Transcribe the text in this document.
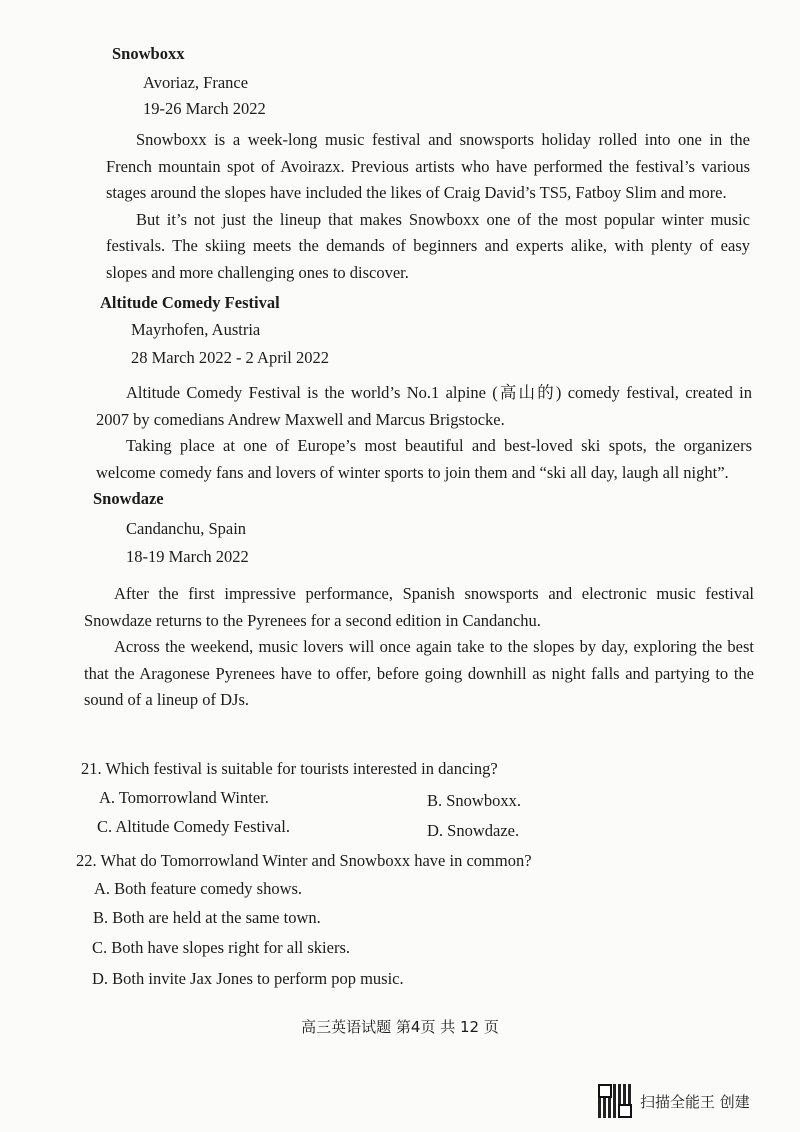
Snowboxx
Avoriaz, France
19-26 March 2022

Snowboxx is a week-long music festival and snowsports holiday rolled into one in the French mountain spot of Avoirazx. Previous artists who have performed the festival’s various stages around the slopes have included the likes of Craig David’s TS5, Fatboy Slim and more.

But it’s not just the lineup that makes Snowboxx one of the most popular winter music festivals. The skiing meets the demands of beginners and experts alike, with plenty of easy slopes and more challenging ones to discover.

Altitude Comedy Festival
Mayrhofen, Austria
28 March 2022 - 2 April 2022

Altitude Comedy Festival is the world’s No.1 alpine (高山的) comedy festival, created in 2007 by comedians Andrew Maxwell and Marcus Brigstocke.

Taking place at one of Europe’s most beautiful and best-loved ski spots, the organizers welcome comedy fans and lovers of winter sports to join them and “ski all day, laugh all night”.

Snowdaze
Candanchu, Spain
18-19 March 2022

After the first impressive performance, Spanish snowsports and electronic music festival Snowdaze returns to the Pyrenees for a second edition in Candanchu.

Across the weekend, music lovers will once again take to the slopes by day, exploring the best that the Aragonese Pyrenees have to offer, before going downhill as night falls and partying to the sound of a lineup of DJs.

21. Which festival is suitable for tourists interested in dancing?
A. Tomorrowland Winter.	B. Snowboxx.
C. Altitude Comedy Festival.	D. Snowdaze.
22. What do Tomorrowland Winter and Snowboxx have in common?
A. Both feature comedy shows.
B. Both are held at the same town.
C. Both have slopes right for all skiers.
D. Both invite Jax Jones to perform pop music.
高三英语试题 第4页 共 12 页
扫描全能王 创建
